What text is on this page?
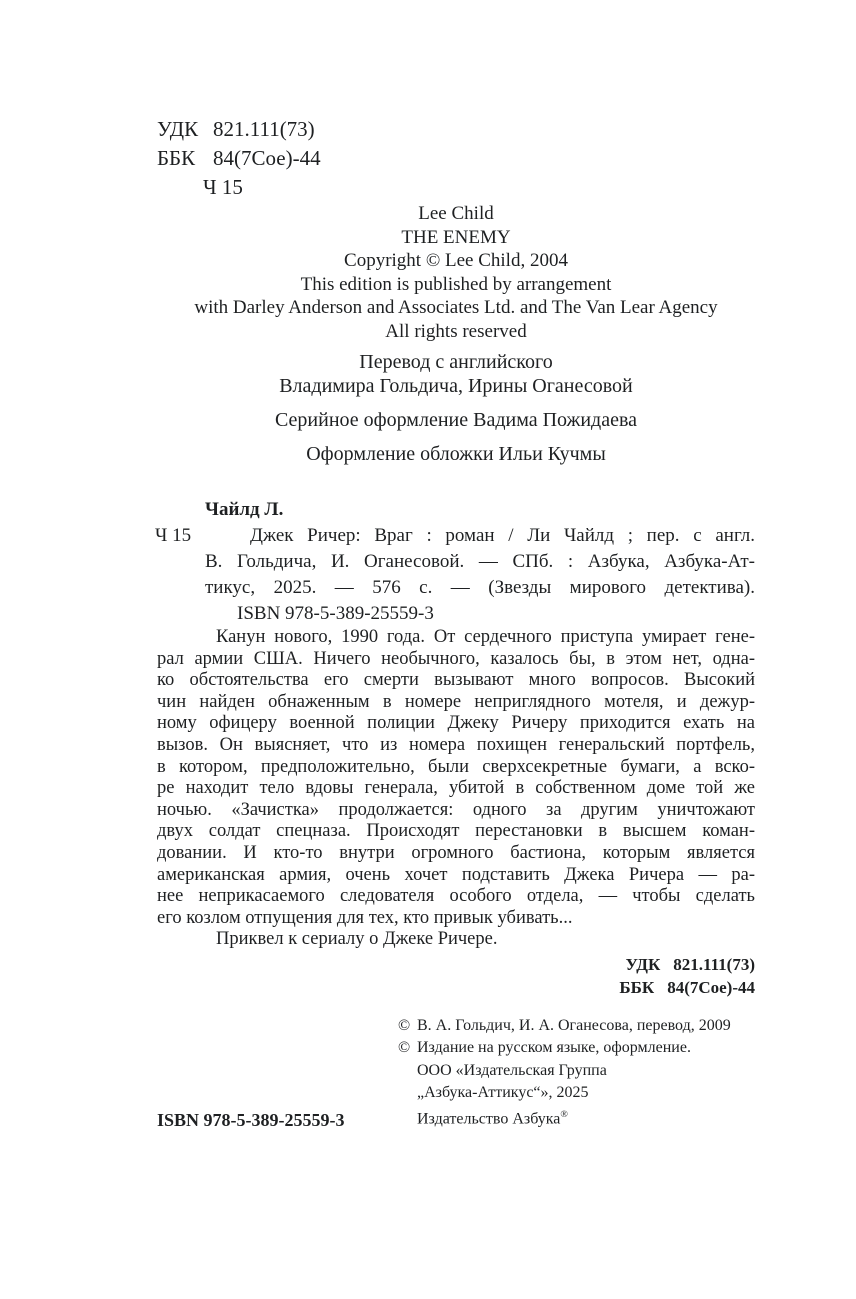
УДК 821.111(73)
ББК 84(7Сое)-44
Ч 15
Lee Child
THE ENEMY
Copyright © Lee Child, 2004
This edition is published by arrangement
with Darley Anderson and Associates Ltd. and The Van Lear Agency
All rights reserved
Перевод с английского
Владимира Гольдича, Ирины Оганесовой
Серийное оформление Вадима Пожидаева
Оформление обложки Ильи Кучмы
Чайлд Л.
Ч 15	Джек Ричер: Враг : роман / Ли Чайлд ; пер. с англ.
В. Гольдича, И. Оганесовой. — СПб. : Азбука, Азбука-Ат-
тикус, 2025. — 576 с. — (Звезды мирового детектива).
ISBN 978-5-389-25559-3
Канун нового, 1990 года. От сердечного приступа умирает гене-
рал армии США. Ничего необычного, казалось бы, в этом нет, одна-
ко обстоятельства его смерти вызывают много вопросов. Высокий
чин найден обнаженным в номере неприглядного мотеля, и дежур-
ному офицеру военной полиции Джеку Ричеру приходится ехать на
вызов. Он выясняет, что из номера похищен генеральский портфель,
в котором, предположительно, были сверхсекретные бумаги, а вско-
ре находит тело вдовы генерала, убитой в собственном доме той же
ночью. «Зачистка» продолжается: одного за другим уничтожают
двух солдат спецназа. Происходят перестановки в высшем коман-
довании. И кто-то внутри огромного бастиона, которым является
американская армия, очень хочет подставить Джека Ричера — ра-
нее неприкасаемого следователя особого отдела, — чтобы сделать
его козлом отпущения для тех, кто привык убивать...
Приквел к сериалу о Джеке Ричере.
УДК 821.111(73)
ББК 84(7Сое)-44
ISBN 978-5-389-25559-3
© В. А. Гольдич, И. А. Оганесова, перевод, 2009
© Издание на русском языке, оформление.
ООО «Издательская Группа
„Азбука-Аттикус“», 2025
Издательство Азбука®
